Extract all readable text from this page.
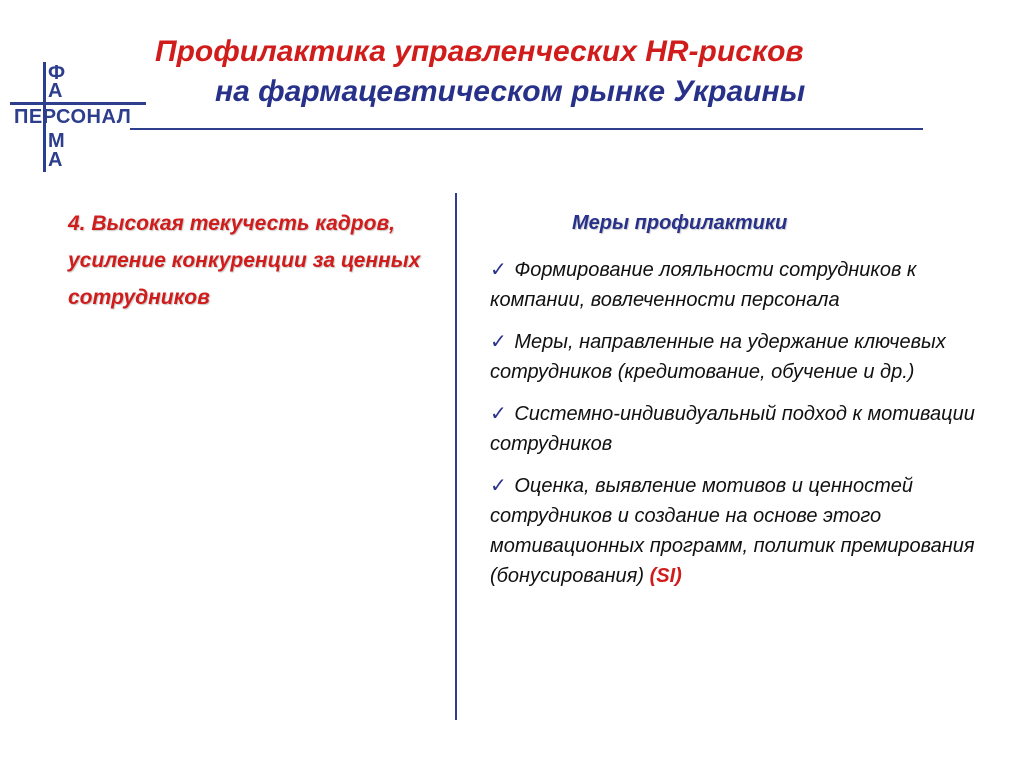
Ф
А
ПЕРСОНАЛ
М
А
Профилактика управленческих HR-рисков
на фармацевтическом рынке Украины
4. Высокая текучесть кадров, усиление конкуренции за ценных сотрудников
Меры профилактики
✓ Формирование лояльности сотрудников к компании, вовлеченности персонала
✓ Меры, направленные на удержание ключевых сотрудников (кредитование, обучение и др.)
✓ Системно-индивидуальный подход к мотивации сотрудников
✓ Оценка, выявление мотивов и ценностей сотрудников и создание на основе этого мотивационных программ, политик премирования (бонусирования) (SI)
